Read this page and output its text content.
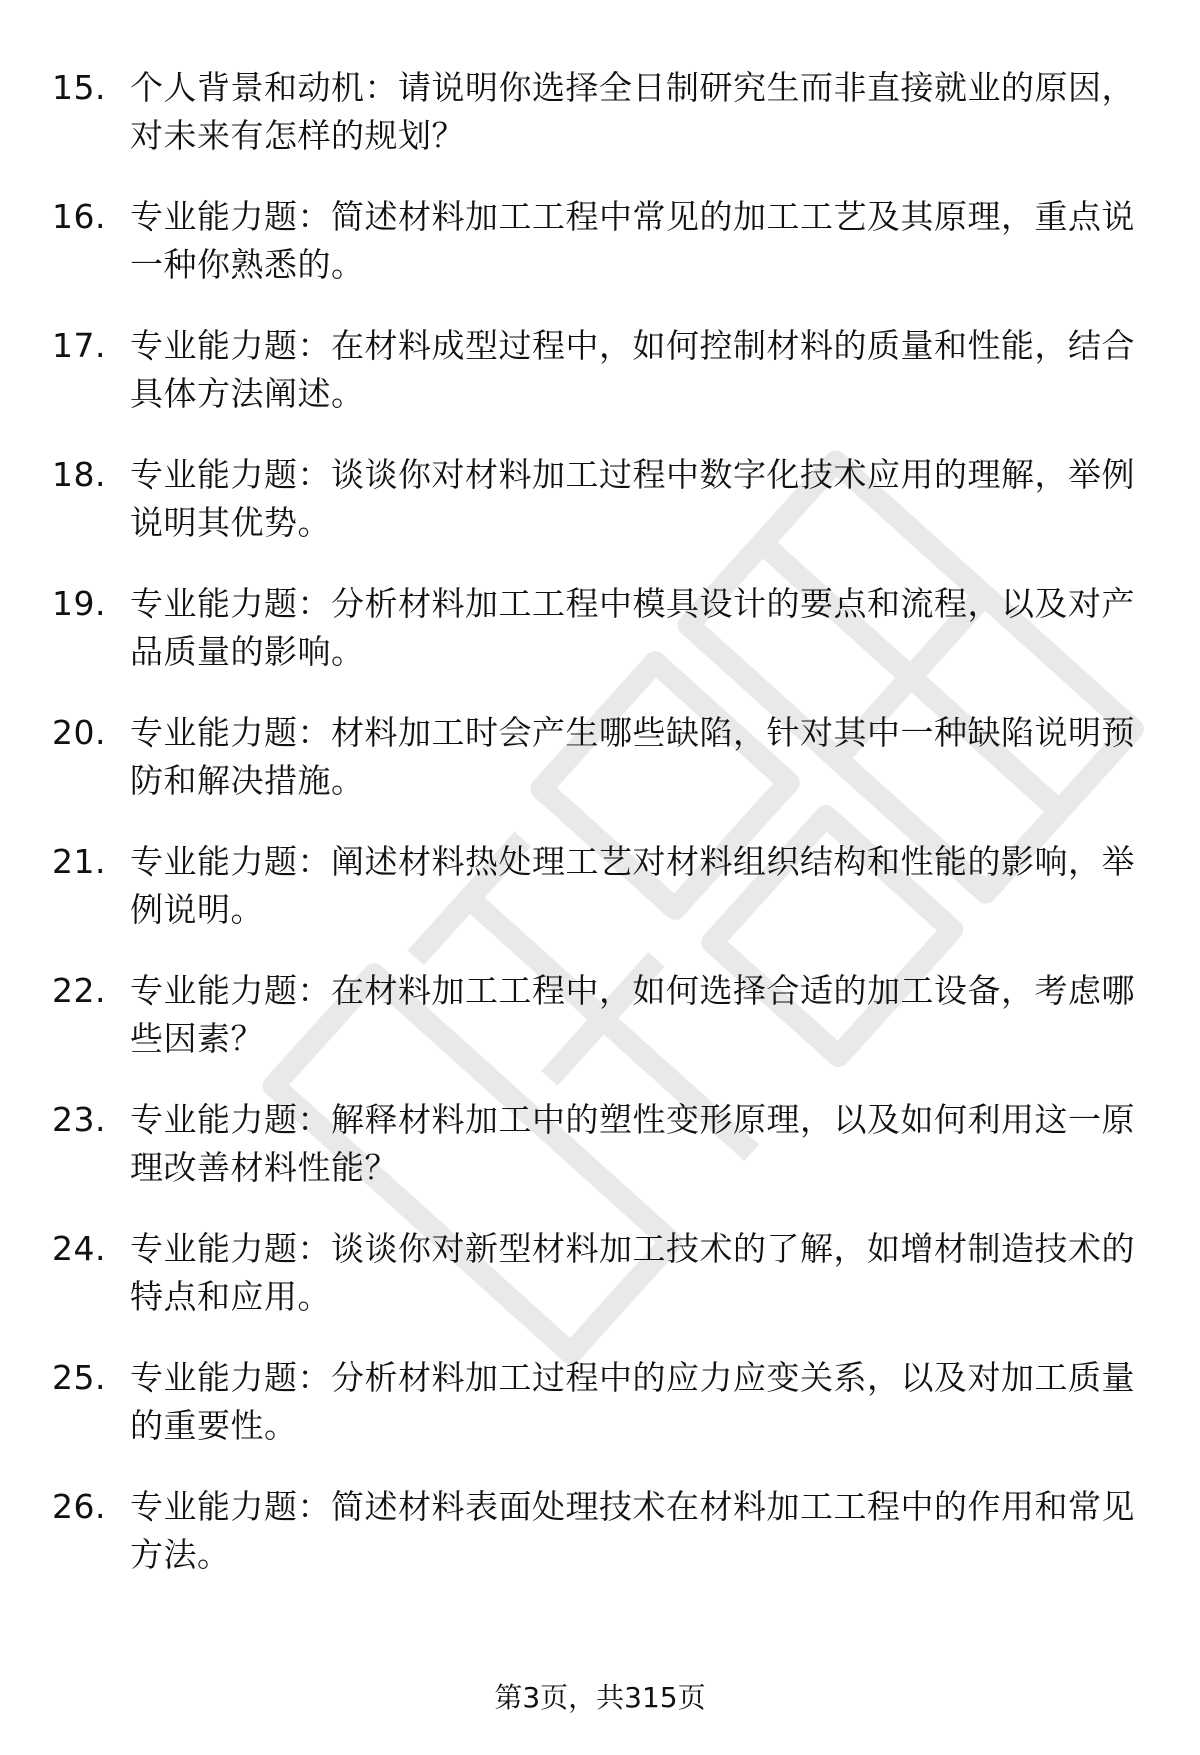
15. 个人背景和动机：请说明你选择全日制研究生而非直接就业的原因，对未来有怎样的规划？
16. 专业能力题：简述材料加工工程中常见的加工工艺及其原理，重点说一种你熟悉的。
17. 专业能力题：在材料成型过程中，如何控制材料的质量和性能，结合具体方法阐述。
18. 专业能力题：谈谈你对材料加工过程中数字化技术应用的理解，举例说明其优势。
19. 专业能力题：分析材料加工工程中模具设计的要点和流程，以及对产品质量的影响。
20. 专业能力题：材料加工时会产生哪些缺陷，针对其中一种缺陷说明预防和解决措施。
21. 专业能力题：阐述材料热处理工艺对材料组织结构和性能的影响，举例说明。
22. 专业能力题：在材料加工工程中，如何选择合适的加工设备，考虑哪些因素？
23. 专业能力题：解释材料加工中的塑性变形原理，以及如何利用这一原理改善材料性能？
24. 专业能力题：谈谈你对新型材料加工技术的了解，如增材制造技术的特点和应用。
25. 专业能力题：分析材料加工过程中的应力应变关系，以及对加工质量的重要性。
26. 专业能力题：简述材料表面处理技术在材料加工工程中的作用和常见方法。
第3页，共315页
